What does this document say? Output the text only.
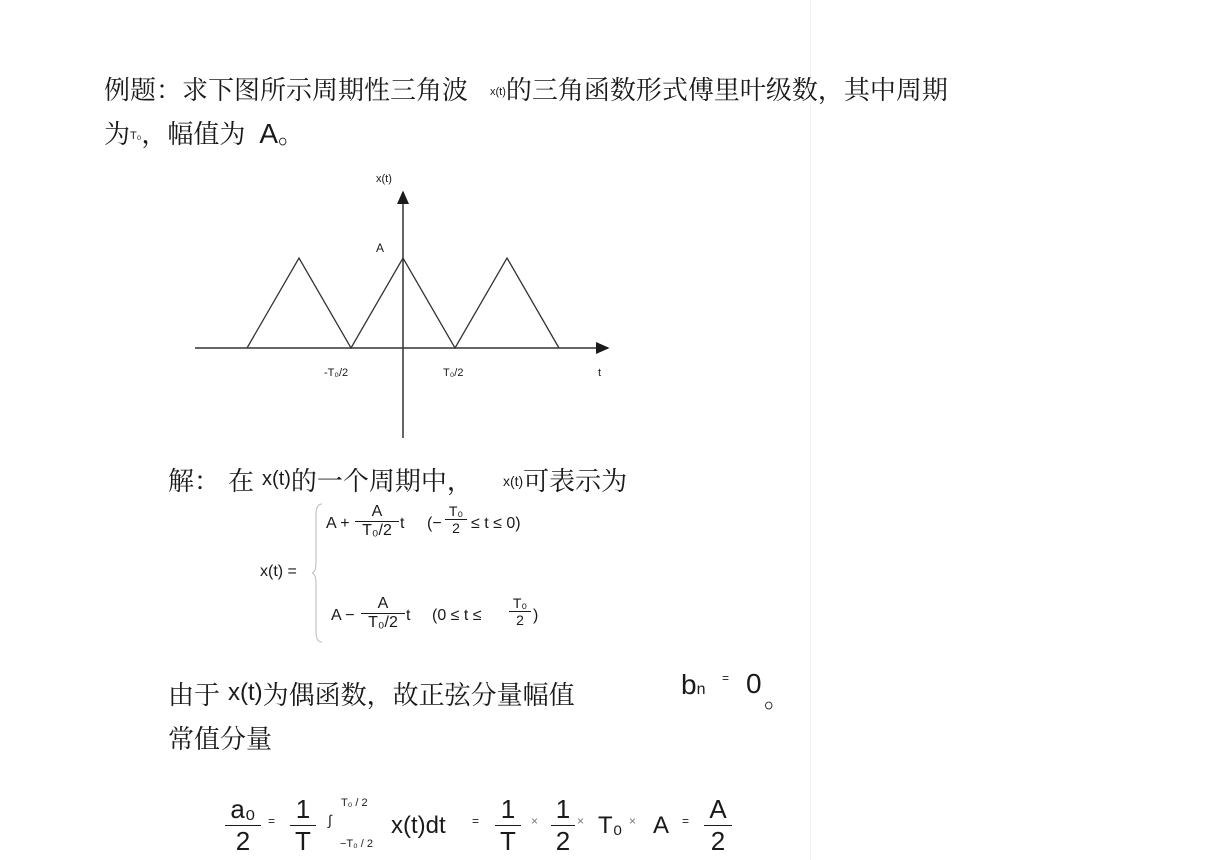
例题：求下图所示周期性三角波 x(t)的三角函数形式傅里叶级数，其中周期
为T₀，幅值为 A。
x(t)
A
-T₀/2	T₀/2	t
解： 在 x(t)的一个周期中， x(t)可表示为
x(t) =
A +
A
T₀/2 t (−
T₀
2 ≤ t ≤ 0)
A −
A
T₀/2 t (0 ≤ t ≤
T₀
2 )
由于 x(t)为偶函数，故正弦分量幅值	bn
= 0 。
常值分量
a₀
2
= 1
T
T₀ / 2
∫
−T₀ / 2
x(t)dt = 1
T
× 1
2
× T₀ × A = A
2
